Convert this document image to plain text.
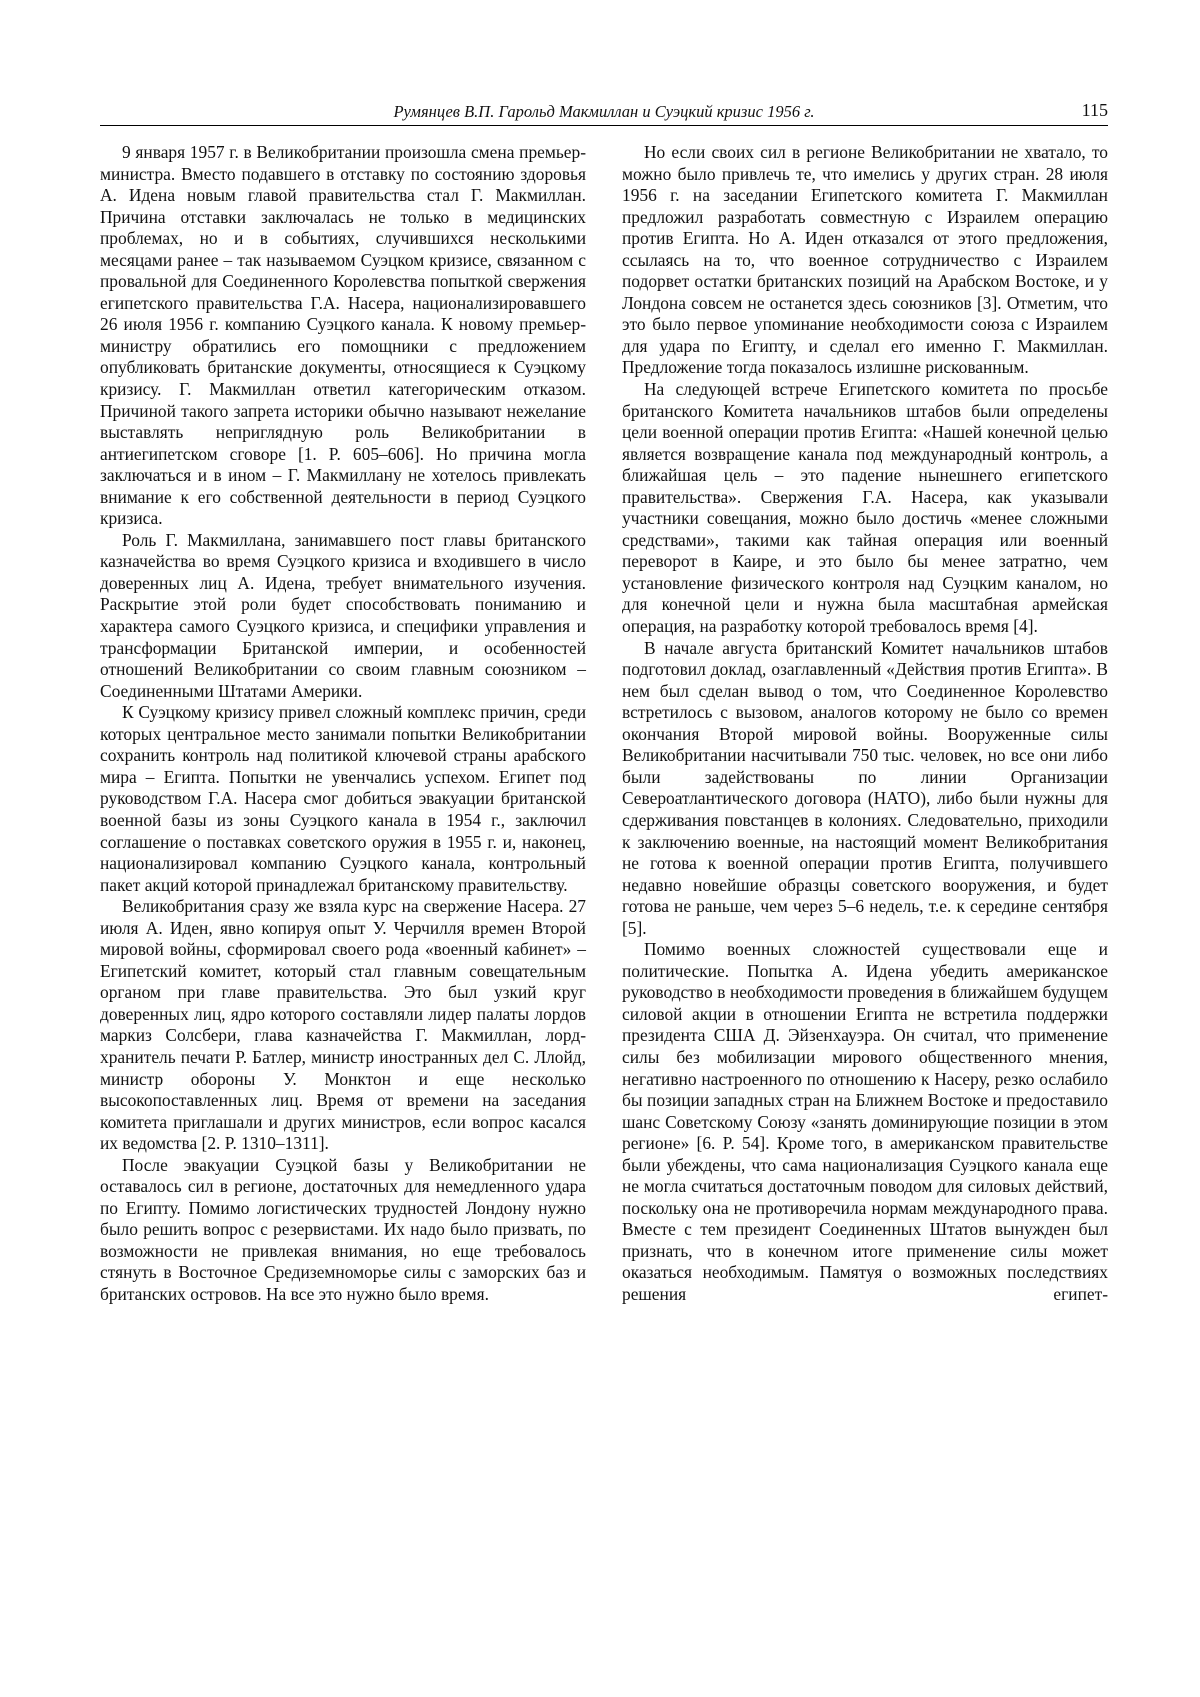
Румянцев В.П. Гарольд Макмиллан и Суэцкий кризис 1956 г.	115

9 января 1957 г. в Великобритании произошла смена премьер-министра. Вместо подавшего в отставку по состоянию здоровья А. Идена новым главой правительства стал Г. Макмиллан. Причина отставки заключалась не только в медицинских проблемах, но и в событиях, случившихся несколькими месяцами ранее – так называемом Суэцком кризисе, связанном с провальной для Соединенного Королевства попыткой свержения египетского правительства Г.А. Насера, национализировавшего 26 июля 1956 г. компанию Суэцкого канала. К новому премьер-министру обратились его помощники с предложением опубликовать британские документы, относящиеся к Суэцкому кризису. Г. Макмиллан ответил категорическим отказом. Причиной такого запрета историки обычно называют нежелание выставлять неприглядную роль Великобритании в антиегипетском сговоре [1. P. 605–606]. Но причина могла заключаться и в ином – Г. Макмиллану не хотелось привлекать внимание к его собственной деятельности в период Суэцкого кризиса.

Роль Г. Макмиллана, занимавшего пост главы британского казначейства во время Суэцкого кризиса и входившего в число доверенных лиц А. Идена, требует внимательного изучения. Раскрытие этой роли будет способствовать пониманию и характера самого Суэцкого кризиса, и специфики управления и трансформации Британской империи, и особенностей отношений Великобритании со своим главным союзником – Соединенными Штатами Америки.

К Суэцкому кризису привел сложный комплекс причин, среди которых центральное место занимали попытки Великобритании сохранить контроль над политикой ключевой страны арабского мира – Египта. Попытки не увенчались успехом. Египет под руководством Г.А. Насера смог добиться эвакуации британской военной базы из зоны Суэцкого канала в 1954 г., заключил соглашение о поставках советского оружия в 1955 г. и, наконец, национализировал компанию Суэцкого канала, контрольный пакет акций которой принадлежал британскому правительству.

Великобритания сразу же взяла курс на свержение Насера. 27 июля А. Иден, явно копируя опыт У. Черчилля времен Второй мировой войны, сформировал своего рода «военный кабинет» – Египетский комитет, который стал главным совещательным органом при главе правительства. Это был узкий круг доверенных лиц, ядро которого составляли лидер палаты лордов маркиз Солсбери, глава казначейства Г. Макмиллан, лорд-хранитель печати Р. Батлер, министр иностранных дел С. Ллойд, министр обороны У. Монктон и еще несколько высокопоставленных лиц. Время от времени на заседания комитета приглашали и других министров, если вопрос касался их ведомства [2. P. 1310–1311].

После эвакуации Суэцкой базы у Великобритании не оставалось сил в регионе, достаточных для немедленного удара по Египту. Помимо логистических трудностей Лондону нужно было решить вопрос с резервистами. Их надо было призвать, по возможности не привлекая внимания, но еще требовалось стянуть в Восточное Средиземноморье силы с заморских баз и британских островов. На все это нужно было время.

Но если своих сил в регионе Великобритании не хватало, то можно было привлечь те, что имелись у других стран. 28 июля 1956 г. на заседании Египетского комитета Г. Макмиллан предложил разработать совместную с Израилем операцию против Египта. Но А. Иден отказался от этого предложения, ссылаясь на то, что военное сотрудничество с Израилем подорвет остатки британских позиций на Арабском Востоке, и у Лондона совсем не останется здесь союзников [3]. Отметим, что это было первое упоминание необходимости союза с Израилем для удара по Египту, и сделал его именно Г. Макмиллан. Предложение тогда показалось излишне рискованным.

На следующей встрече Египетского комитета по просьбе британского Комитета начальников штабов были определены цели военной операции против Египта: «Нашей конечной целью является возвращение канала под международный контроль, а ближайшая цель – это падение нынешнего египетского правительства». Свержения Г.А. Насера, как указывали участники совещания, можно было достичь «менее сложными средствами», такими как тайная операция или военный переворот в Каире, и это было бы менее затратно, чем установление физического контроля над Суэцким каналом, но для конечной цели и нужна была масштабная армейская операция, на разработку которой требовалось время [4].

В начале августа британский Комитет начальников штабов подготовил доклад, озаглавленный «Действия против Египта». В нем был сделан вывод о том, что Соединенное Королевство встретилось с вызовом, аналогов которому не было со времен окончания Второй мировой войны. Вооруженные силы Великобритании насчитывали 750 тыс. человек, но все они либо были задействованы по линии Организации Североатлантического договора (НАТО), либо были нужны для сдерживания повстанцев в колониях. Следовательно, приходили к заключению военные, на настоящий момент Великобритания не готова к военной операции против Египта, получившего недавно новейшие образцы советского вооружения, и будет готова не раньше, чем через 5–6 недель, т.е. к середине сентября [5].

Помимо военных сложностей существовали еще и политические. Попытка А. Идена убедить американское руководство в необходимости проведения в ближайшем будущем силовой акции в отношении Египта не встретила поддержки президента США Д. Эйзенхауэра. Он считал, что применение силы без мобилизации мирового общественного мнения, негативно настроенного по отношению к Насеру, резко ослабило бы позиции западных стран на Ближнем Востоке и предоставило шанс Советскому Союзу «занять доминирующие позиции в этом регионе» [6. P. 54]. Кроме того, в американском правительстве были убеждены, что сама национализация Суэцкого канала еще не могла считаться достаточным поводом для силовых действий, поскольку она не противоречила нормам международного права. Вместе с тем президент Соединенных Штатов вынужден был признать, что в конечном итоге применение силы может оказаться необходимым. Памятуя о возможных последствиях решения египет-
